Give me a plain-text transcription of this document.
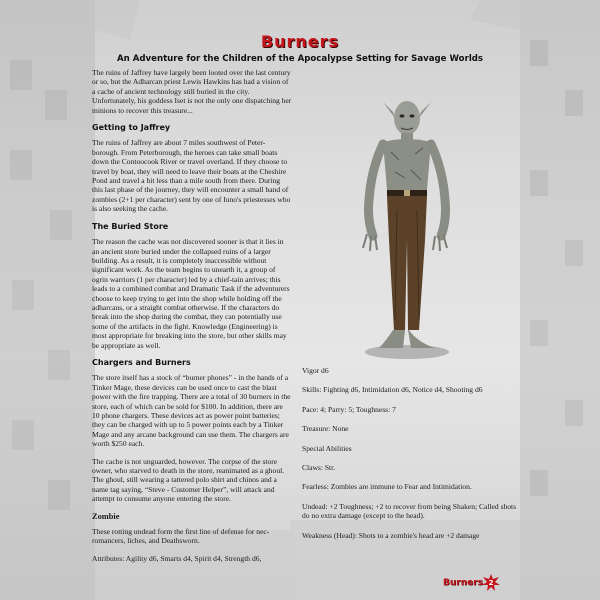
Burners
An Adventure for the Children of the Apocalypse Setting for Savage Worlds

The ruins of Jaffrey have largely been looted over the last century or so, but the Adharcan priest Lewis Hawkins has had a vision of a cache of ancient technology still buried in the city. Unfortunately, his goddess Iset is not the only one dispatching her minions to recover this treasure...

Getting to Jaffrey

The ruins of Jaffrey are about 7 miles southwest of Peter-borough. From Peterborough, the heroes can take small boats down the Contoocook River or travel overland. If they choose to travel by boat, they will need to leave their boats at the Cheshire Pond and travel a bit less than a mile south from there. During this last phase of the journey, they will encounter a small band of zombies (2+1 per character) sent by one of Iuno's priestesses who is also seeking the cache.

The Buried Store

The reason the cache was not discovered sooner is that it lies in an ancient store buried under the collapsed ruins of a larger building. As a result, it is completely inaccessible without significant work. As the team begins to unearth it, a group of ogrin warriors (1 per character) led by a chief-tain arrives; this leads to a combined combat and Dramatic Task if the adventurers choose to keep trying to get into the shop while holding off the adharcans, or a straight combat otherwise. If the characters do break into the shop during the combat, they can potentially use some of the artifacts in the fight. Knowledge (Engineering) is most appropriate for breaking into the store, but other skills may be appropriate as well.

Chargers and Burners

The store itself has a stock of “burner phones” - in the hands of a Tinker Mage, these devices can be used once to cast the blast power with the fire trapping. There are a total of 30 burners in the store, each of which can be sold for $100. In addition, there are 10 phone chargers. These devices act as power point batteries; they can be charged with up to 5 power points each by a Tinker Mage and any arcane background can use them. The chargers are worth $250 each.

The cache is not unguarded, however. The corpse of the store owner, who starved to death in the store, reanimated as a ghoul. The ghoul, still wearing a tattered polo shirt and chinos and a name tag saying, “Steve - Customer Helper”, will attack and attempt to consume anyone entering the store.

Zombie

These rotting undead form the first line of defense for nec-romancers, liches, and Deathsworn.

Attributes: Agility d6, Smarts d4, Spirit d4, Strength d6,

Vigor d6

Skills: Fighting d6, Intimidation d6, Notice d4, Shooting d6

Pace: 4; Parry: 5; Toughness: 7

Treasure: None

Special Abilities

Claws: Str.

Fearless: Zombies are immune to Fear and Intimidation.

Undead: +2 Toughness; +2 to recover from being Shaken; Called shots do no extra damage (except to the head).

Weakness (Head): Shots to a zombie's head are +2 damage

Burners 2
